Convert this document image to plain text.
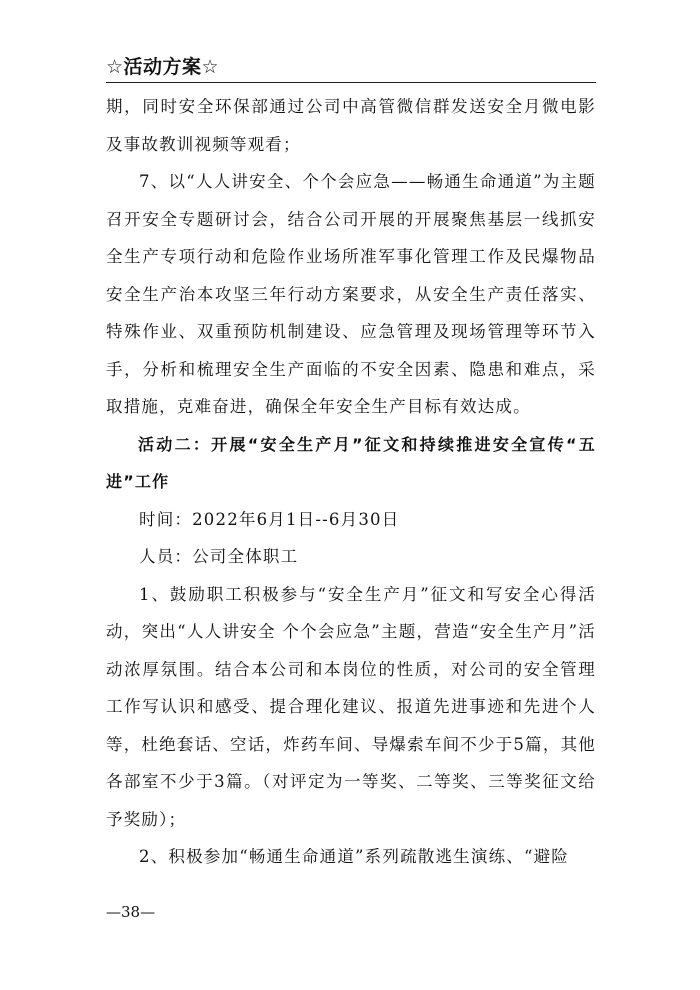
☆活动方案☆

期，同时安全环保部通过公司中高管微信群发送安全月微电影及事故教训视频等观看；

7、以“人人讲安全、个个会应急——畅通生命通道”为主题召开安全专题研讨会，结合公司开展的开展聚焦基层一线抓安全生产专项行动和危险作业场所准军事化管理工作及民爆物品安全生产治本攻坚三年行动方案要求，从安全生产责任落实、特殊作业、双重预防机制建设、应急管理及现场管理等环节入手，分析和梳理安全生产面临的不安全因素、隐患和难点，采取措施，克难奋进，确保全年安全生产目标有效达成。

活动二：开展“安全生产月”征文和持续推进安全宣传“五进”工作

时间：2022年6月1日--6月30日

人员：公司全体职工

1、鼓励职工积极参与“安全生产月”征文和写安全心得活动，突出“人人讲安全 个个会应急”主题，营造“安全生产月”活动浓厚氛围。结合本公司和本岗位的性质，对公司的安全管理工作写认识和感受、提合理化建议、报道先进事迹和先进个人等，杜绝套话、空话，炸药车间、导爆索车间不少于5篇，其他各部室不少于3篇。（对评定为一等奖、二等奖、三等奖征文给予奖励）；

2、积极参加“畅通生命通道”系列疏散逃生演练、“避险

—38—
